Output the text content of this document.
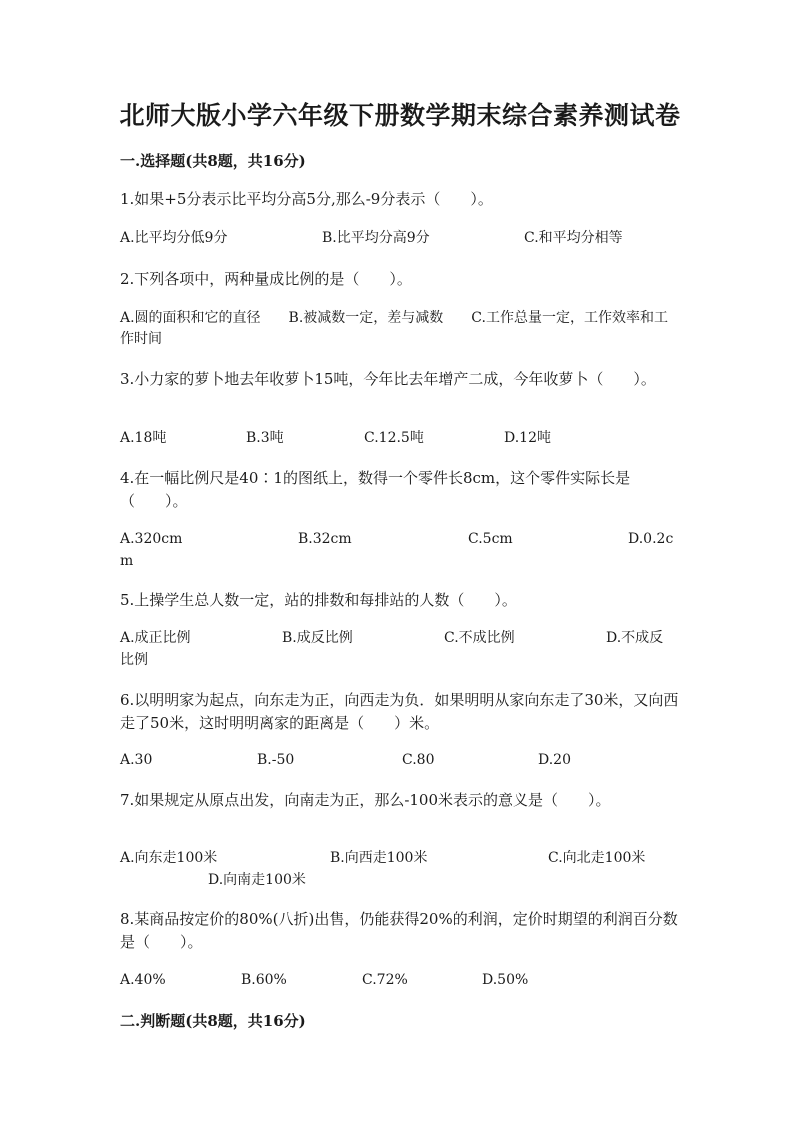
北师大版小学六年级下册数学期末综合素养测试卷
一.选择题(共8题，共16分)
1.如果+5分表示比平均分高5分,那么-9分表示（　　）。
A.比平均分低9分	B.比平均分高9分	C.和平均分相等
2.下列各项中，两种量成比例的是（　　）。
A.圆的面积和它的直径　　B.被减数一定，差与减数　　C.工作总量一定，工作效率和工作时间
3.小力家的萝卜地去年收萝卜15吨，今年比去年增产二成，今年收萝卜（　　）。
A.18吨	B.3吨	C.12.5吨	D.12吨
4.在一幅比例尺是40∶1的图纸上，数得一个零件长8cm，这个零件实际长是（　　）。
A.320cm	B.32cm	C.5cm	D.0.2c
m
5.上操学生总人数一定，站的排数和每排站的人数（　　）。
A.成正比例	B.成反比例	C.不成比例	D.不成反
比例
6.以明明家为起点，向东走为正，向西走为负．如果明明从家向东走了30米，又向西走了50米，这时明明离家的距离是（　　）米。
A.30	B.-50	C.80	D.20
7.如果规定从原点出发，向南走为正，那么-100米表示的意义是（　　）。
A.向东走100米	B.向西走100米	C.向北走100米
D.向南走100米
8.某商品按定价的80%(八折)出售，仍能获得20%的利润，定价时期望的利润百分数是（　　）。
A.40%	B.60%	C.72%	D.50%
二.判断题(共8题，共16分)
